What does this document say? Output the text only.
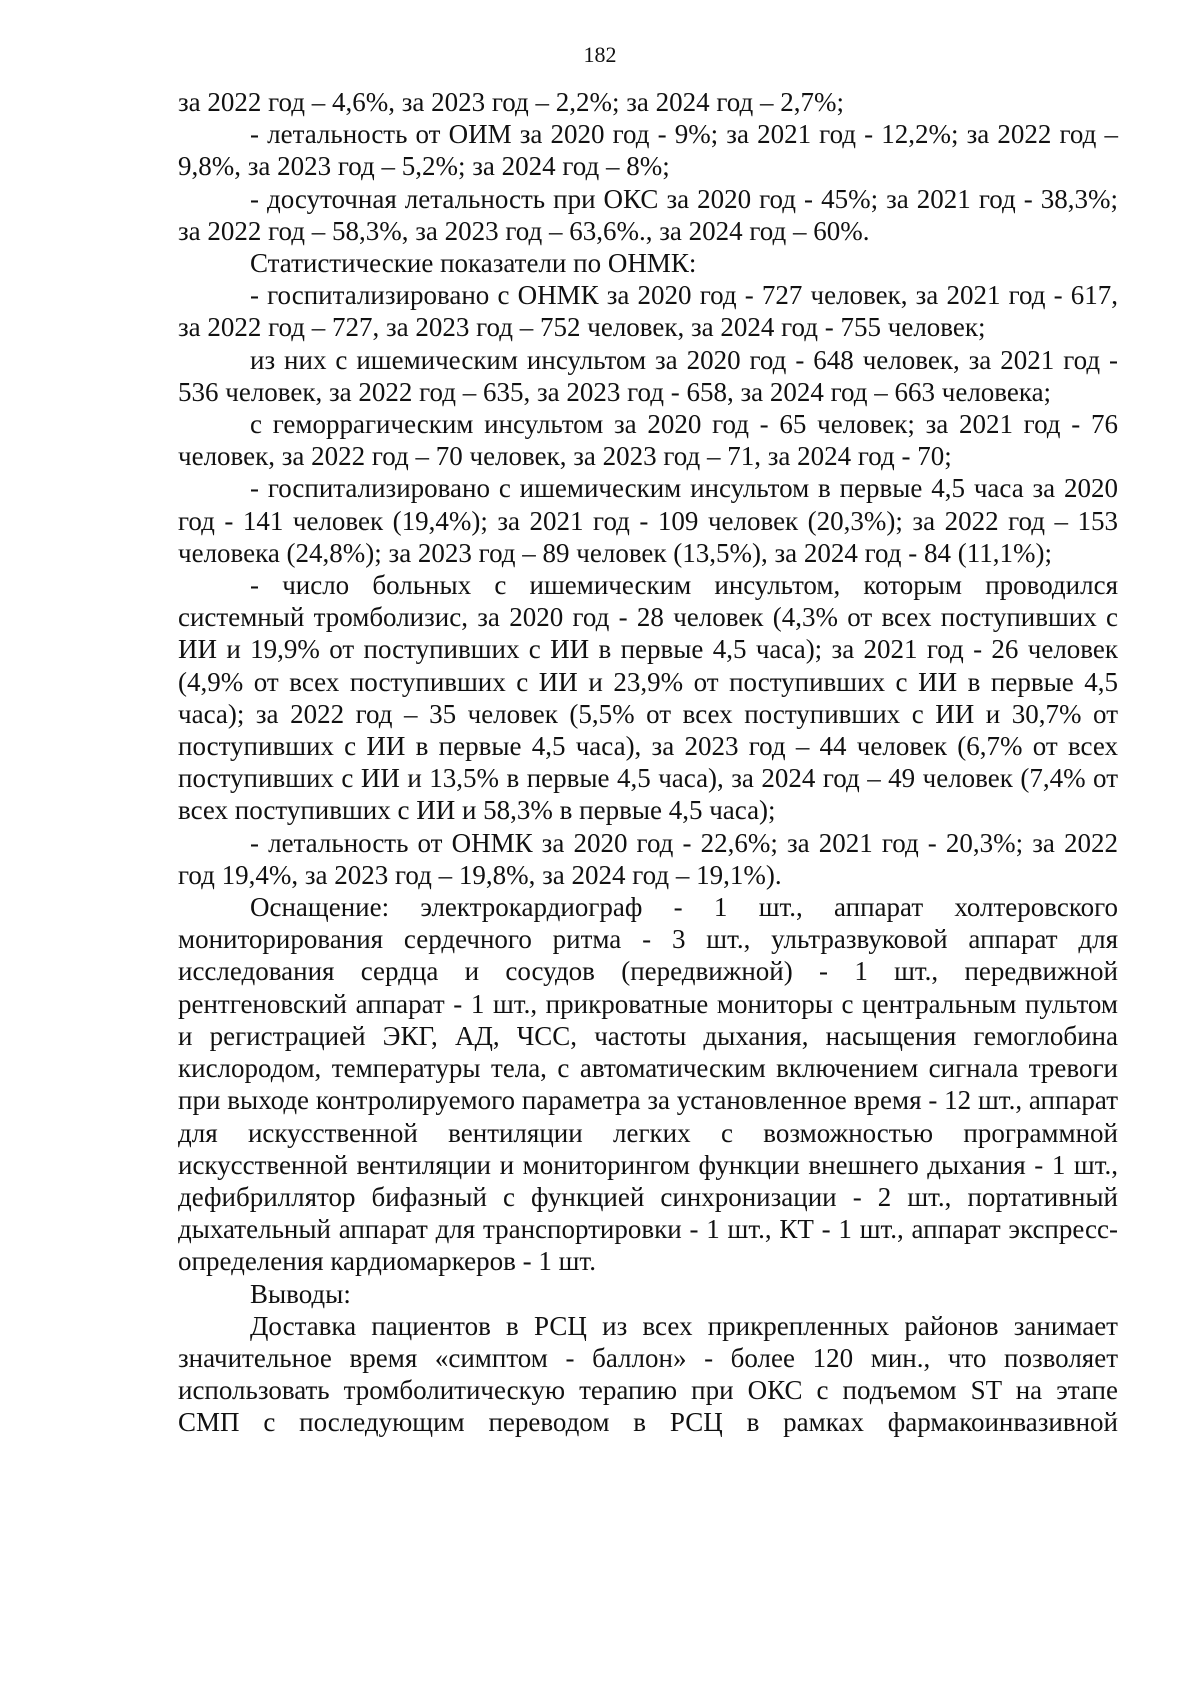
182

за 2022 год – 4,6%, за 2023 год – 2,2%; за 2024 год – 2,7%;

- летальность от ОИМ за 2020 год - 9%; за 2021 год - 12,2%; за 2022 год – 9,8%, за 2023 год – 5,2%; за 2024 год – 8%;

- досуточная летальность при ОКС за 2020 год - 45%; за 2021 год - 38,3%; за 2022 год – 58,3%, за 2023 год – 63,6%., за 2024 год – 60%.

Статистические показатели по ОНМК:

- госпитализировано с ОНМК за 2020 год - 727 человек, за 2021 год - 617, за 2022 год – 727, за 2023 год – 752 человек, за 2024 год - 755 человек;

из них с ишемическим инсультом за 2020 год - 648 человек, за 2021 год - 536 человек, за 2022 год – 635, за 2023 год - 658, за 2024 год – 663 человека;

с геморрагическим инсультом за 2020 год - 65 человек; за 2021 год - 76 человек, за 2022 год – 70 человек, за 2023 год – 71, за 2024 год - 70;

- госпитализировано с ишемическим инсультом в первые 4,5 часа за 2020 год - 141 человек (19,4%); за 2021 год - 109 человек (20,3%); за 2022 год – 153 человека (24,8%); за 2023 год – 89 человек (13,5%), за 2024 год - 84 (11,1%);

- число больных с ишемическим инсультом, которым проводился системный тромболизис, за 2020 год - 28 человек (4,3% от всех поступивших с ИИ и 19,9% от поступивших с ИИ в первые 4,5 часа); за 2021 год - 26 человек (4,9% от всех поступивших с ИИ и 23,9% от поступивших с ИИ в первые 4,5 часа); за 2022 год – 35 человек (5,5% от всех поступивших с ИИ и 30,7% от поступивших с ИИ в первые 4,5 часа), за 2023 год – 44 человек (6,7% от всех поступивших с ИИ и 13,5% в первые 4,5 часа), за 2024 год – 49 человек (7,4% от всех поступивших с ИИ и 58,3% в первые 4,5 часа);

- летальность от ОНМК за 2020 год - 22,6%; за 2021 год - 20,3%; за 2022 год 19,4%, за 2023 год – 19,8%, за 2024 год – 19,1%).

Оснащение: электрокардиограф - 1 шт., аппарат холтеровского мониторирования сердечного ритма - 3 шт., ультразвуковой аппарат для исследования сердца и сосудов (передвижной) - 1 шт., передвижной рентгеновский аппарат - 1 шт., прикроватные мониторы с центральным пультом и регистрацией ЭКГ, АД, ЧСС, частоты дыхания, насыщения гемоглобина кислородом, температуры тела, с автоматическим включением сигнала тревоги при выходе контролируемого параметра за установленное время - 12 шт., аппарат для искусственной вентиляции легких с возможностью программной искусственной вентиляции и мониторингом функции внешнего дыхания - 1 шт., дефибриллятор бифазный с функцией синхронизации - 2 шт., портативный дыхательный аппарат для транспортировки - 1 шт., КТ - 1 шт., аппарат экспресс-определения кардиомаркеров - 1 шт.

Выводы:

Доставка пациентов в РСЦ из всех прикрепленных районов занимает значительное время «симптом - баллон» - более 120 мин., что позволяет использовать тромболитическую терапию при ОКС с подъемом ST на этапе СМП с последующим переводом в РСЦ в рамках фармакоинвазивной
